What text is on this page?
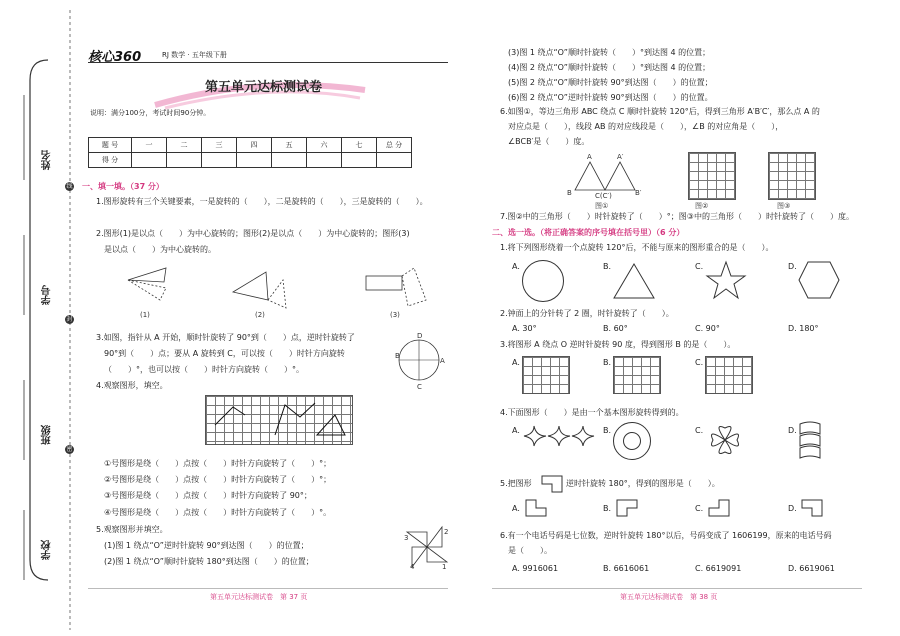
姓名
学号
班级
学校
线
封
密
核心360	RJ 数学 · 五年级下册
第五单元达标测试卷
说明：满分100分，考试时间90分钟。
题 号	一	二	三	四	五	六	七	总 分
得 分								
一、填一填。（37 分）
1.图形旋转有三个关键要素，一是旋转的（　　），二是旋转的（　　），三是旋转的（　　）。
2.图形(1)是以点（　　）为中心旋转的；图形(2)是以点（　　）为中心旋转的；图形(3)
是以点（　　）为中心旋转的。
(1)	(2)	(3)
3.如图，指针从 A 开始，顺时针旋转了 90°到（　　）点，逆时针旋转了
90°到（　　）点；要从 A 旋转到 C，可以按（　　）时针方向旋转
（　　）°，也可以按（　　）时针方向旋转（　　）°。
D
A
C
B
4.观察图形，填空。
①号图形是绕（　　）点按（　　）时针方向旋转了（　　）°；
②号图形是绕（　　）点按（　　）时针方向旋转了（　　）°；
③号图形是绕（　　）点按（　　）时针方向旋转了 90°；
④号图形是绕（　　）点按（　　）时针方向旋转了（　　）°。
5.观察图形并填空。
(1)图 1 绕点“O”逆时针旋转 90°到达图（　　）的位置；
(2)图 1 绕点“O”顺时针旋转 180°到达图（　　）的位置；
3
2
4	1
第五单元达标测试卷　第 37 页
(3)图 1 绕点“O”顺时针旋转（　　）°到达图 4 的位置；
(4)图 2 绕点“O”顺时针旋转（　　）°到达图 4 的位置；
(5)图 2 绕点“O”顺时针旋转 90°到达图（　　）的位置；
(6)图 2 绕点“O”逆时针旋转 90°到达图（　　）的位置。
6.如图①，等边三角形 ABC 绕点 C 顺时针旋转 120°后，得到三角形 A′B′C′，那么点 A 的
对应点是（　　），线段 AB 的对应线段是（　　），∠B 的对应角是（　　），
∠BCB′是（　　）度。
A	A′
B	C(C′)	B′
图①	图②	图③
7.图②中的三角形（　　）时针旋转了（　　）°；图③中的三角形（　　）时针旋转了（　　）度。
二、选一选。（将正确答案的序号填在括号里）（6 分）
1.将下列图形绕着一个点旋转 120°后，不能与原来的图形重合的是（　　）。
A.	B.	C.	D.
2.钟面上的分针转了 2 圈，时针旋转了（　　）。
A. 30°	B. 60°	C. 90°	D. 180°
3.将图形 A 绕点 O 逆时针旋转 90 度，得到图形 B 的是（　　）。
A.	B.	C.
4.下面图形（　　）是由一个基本图形旋转得到的。
A.	B.	C.	D.
5.把图形	逆时针旋转 180°，得到的图形是（　　）。
A.	B.	C.	D.
6.有一个电话号码是七位数，逆时针旋转 180°以后，号码变成了 1606199，原来的电话号码
是（　　）。
A. 9916061	B. 6616061	C. 6619091	D. 6619061
第五单元达标测试卷　第 38 页
